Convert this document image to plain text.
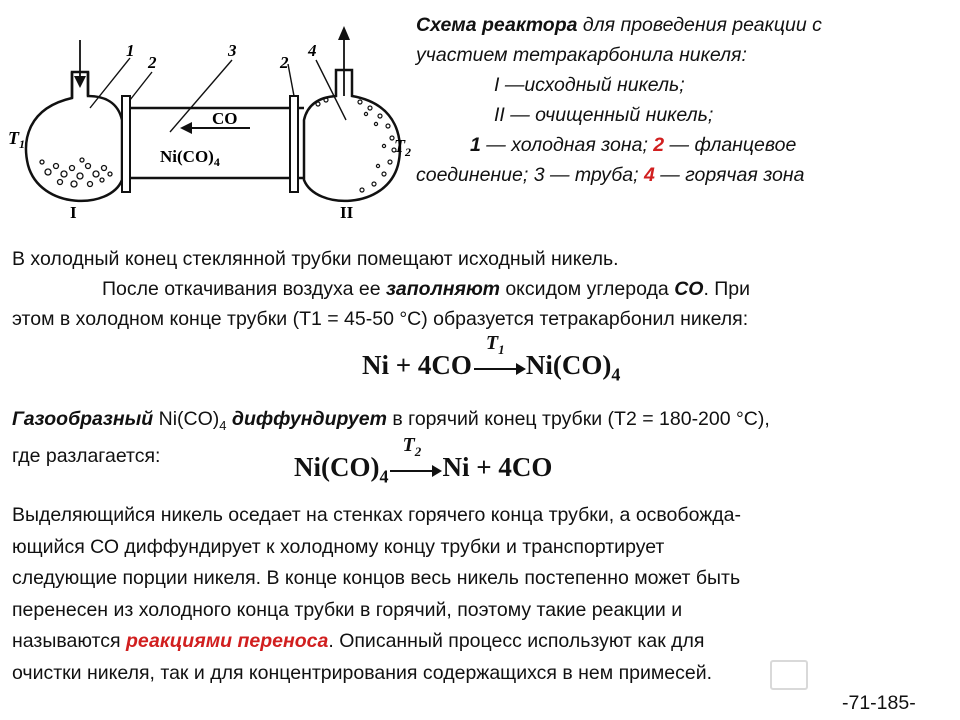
1
2
3
2
4
$T_1$	$T_2$
CO
$Ni(CO)_4$
I	II
Схема реактора для проведения реакции с
участием тетракарбонила никеля:
I —исходный никель;
II — очищенный никель;
1 — холодная зона; 2 — фланцевое
соединение; 3 — труба; 4 — горячая зона
В холодный конец стеклянной трубки помещают исходный никель.
После откачивания воздуха ее заполняют оксидом углерода СО. При
этом в холодном конце трубки (Т1 = 45-50 °С) образуется тетракарбонил никеля:
Ni + 4CO
$T_1$
$Ni(CO)_4$
Газообразный $Ni(CO)_4$ диффундирует в горячий конец трубки (Т2 = 180-200 °С),
где разлагается:	$Ni(CO)_4$
$T_2$
Ni + 4CO
Выделяющийся никель оседает на стенках горячего конца трубки, а освобожда-
ющийся СО диффундирует к холодному концу трубки и транспортирует
следующие порции никеля. В конце концов весь никель постепенно может быть
перенесен из холодного конца трубки в горячий, поэтому такие реакции и
называются реакциями переноса. Описанный процесс используют как для
очистки никеля, так и для концентрирования содержащихся в нем примесей.
-71-185-
